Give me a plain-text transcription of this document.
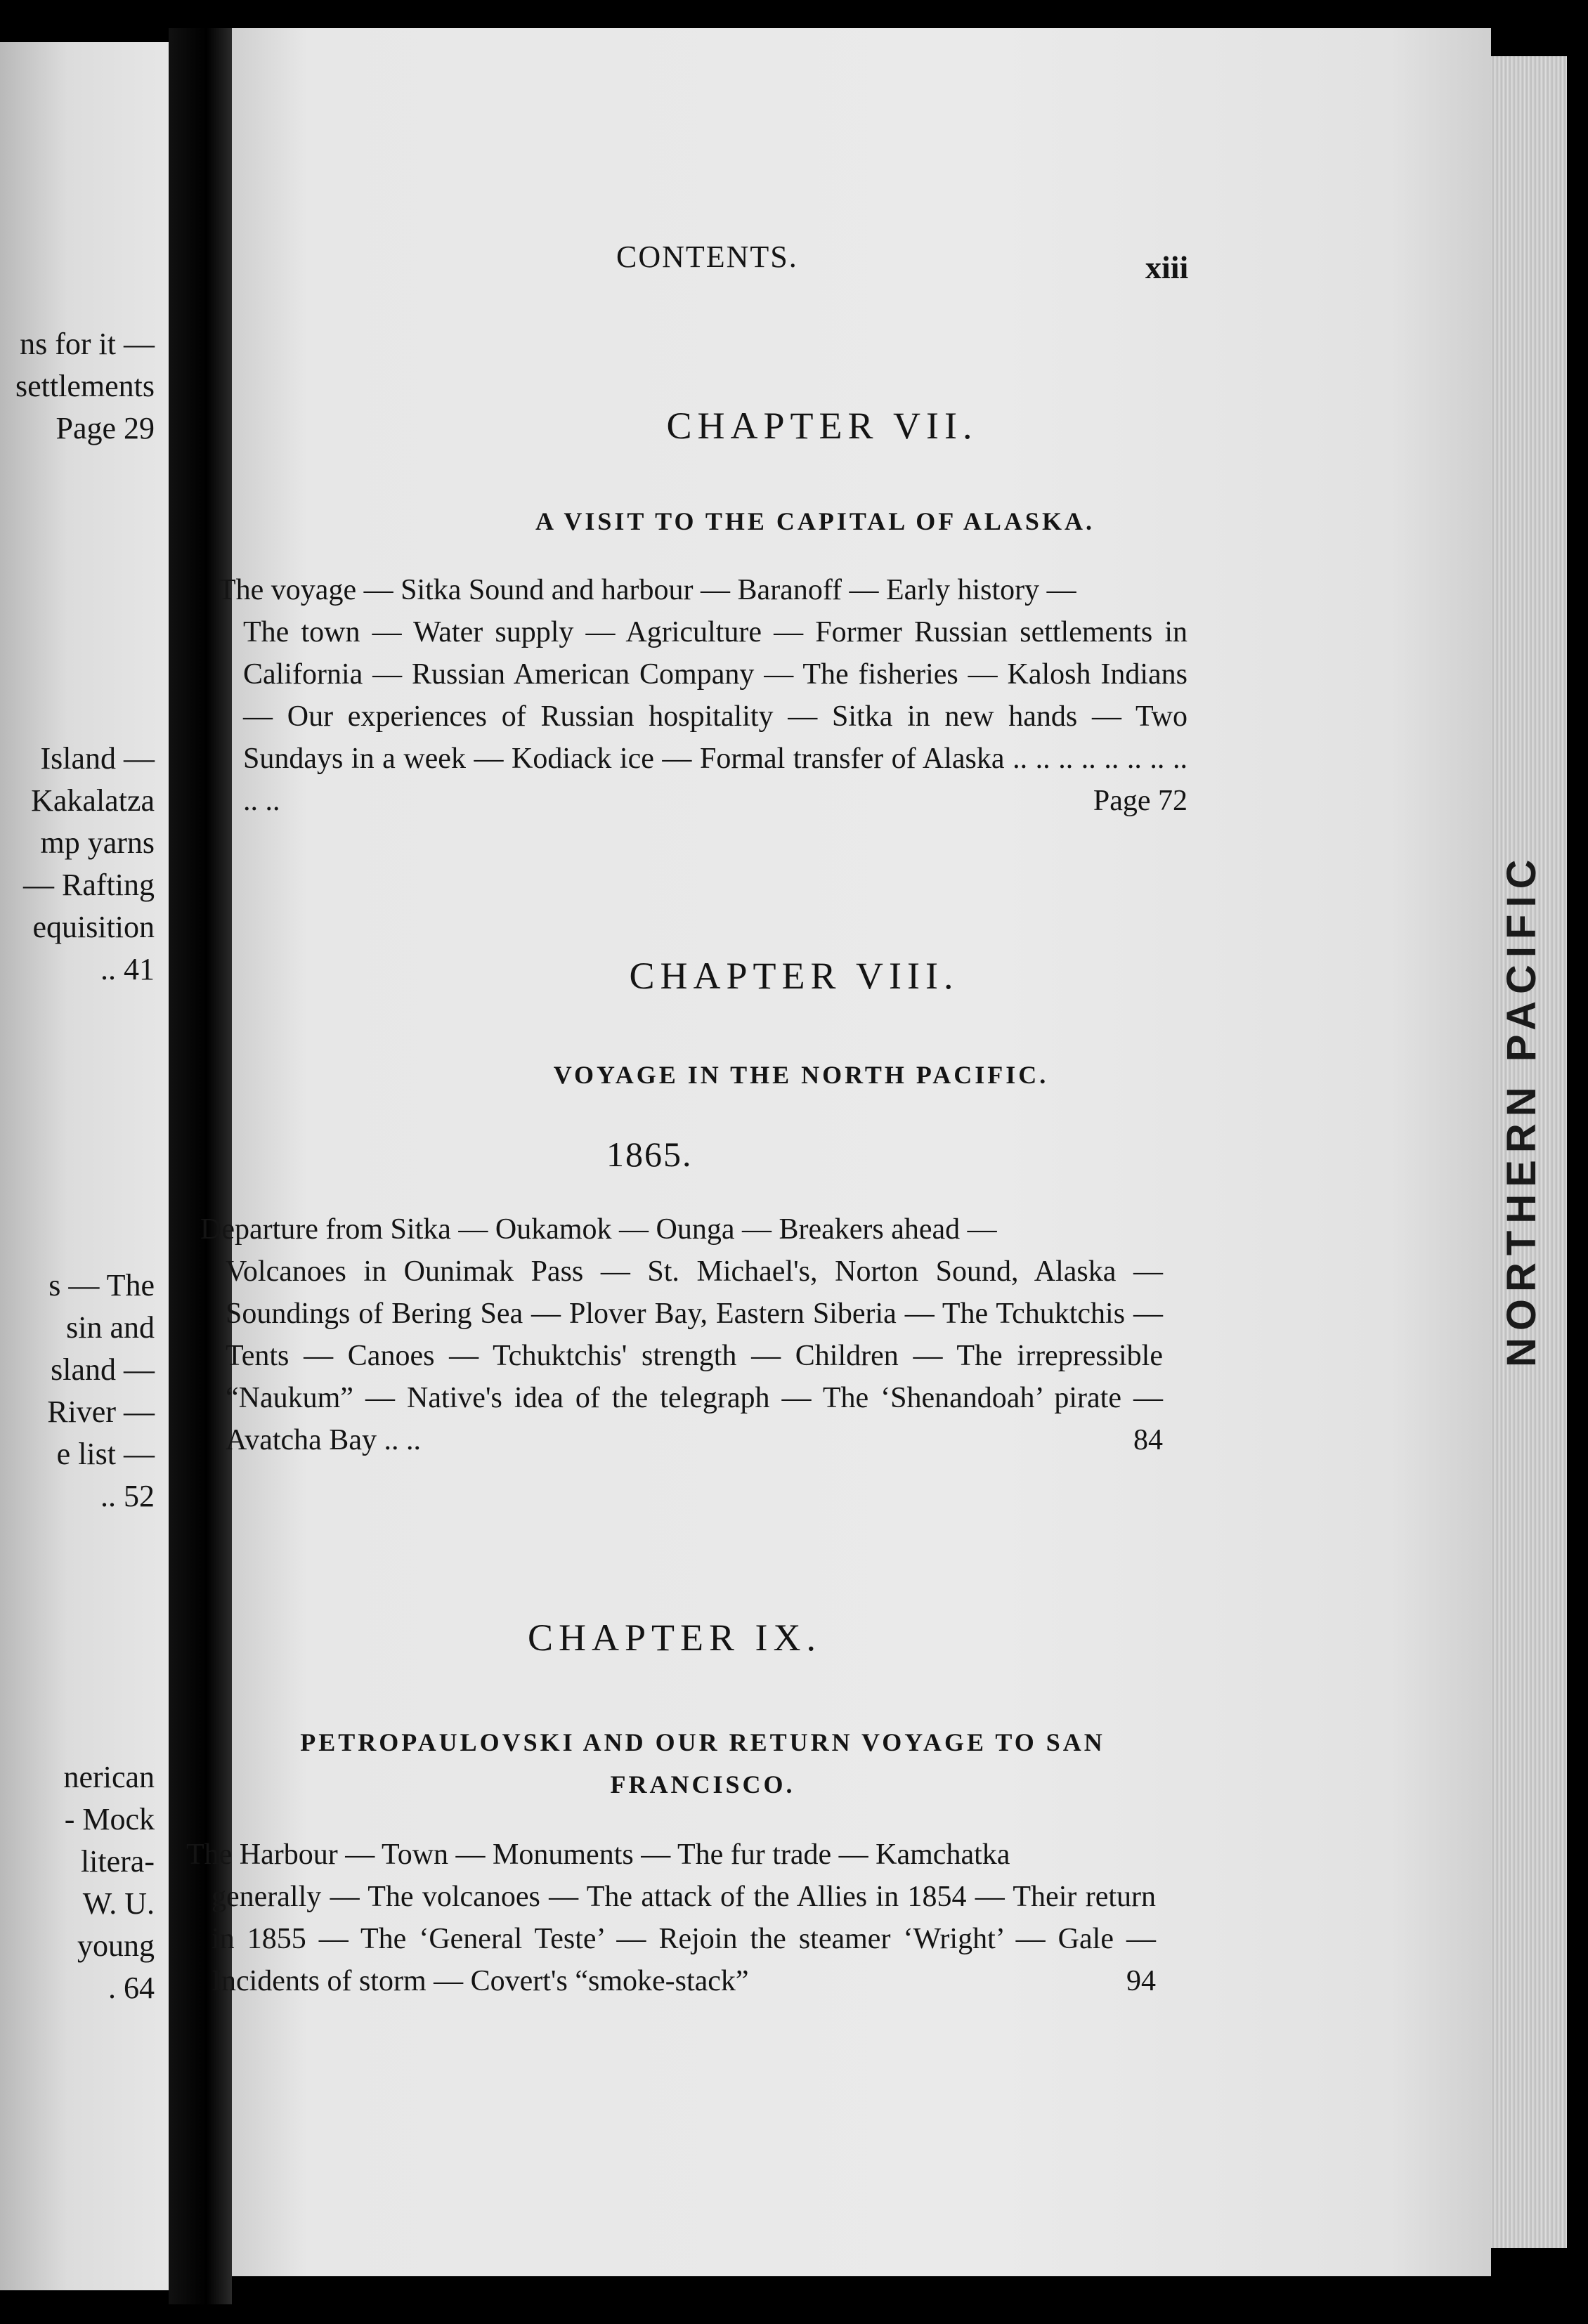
ns for it —
settlements
Page 29

Island —
Kakalatza
mp yarns
— Rafting
equisition
.. 41

s — The
sin and
sland —
River —
e list —
.. 52

nerican
- Mock
litera-
W. U.
young
. 64

NORTHERN PACIFIC
CONTENTS.	xiii
CHAPTER VII.
A VISIT TO THE CAPITAL OF ALASKA.

The voyage — Sitka Sound and harbour — Baranoff — Early history —
The town — Water supply — Agriculture — Former Russian settlements in California — Russian American Company — The fisheries — Kalosh Indians — Our experiences of Russian hospitality — Sitka in new hands — Two Sundays in a week — Kodiack ice — Formal transfer of Alaska .. .. .. .. .. .. .. .. .. ..	Page 72

CHAPTER VIII.
VOYAGE IN THE NORTH PACIFIC.
1865.

Departure from Sitka — Oukamok — Ounga — Breakers ahead —
Volcanoes in Ounimak Pass — St. Michael's, Norton Sound, Alaska — Soundings of Bering Sea — Plover Bay, Eastern Siberia — The Tchuktchis — Tents — Canoes — Tchuktchis' strength — Children — The irrepressible “Naukum” — Native's idea of the telegraph — The ‘Shenandoah’ pirate — Avatcha Bay .. ..	84

CHAPTER IX.
PETROPAULOVSKI AND OUR RETURN VOYAGE TO SAN FRANCISCO.

The Harbour — Town — Monuments — The fur trade — Kamchatka
generally — The volcanoes — The attack of the Allies in 1854 — Their return in 1855 — The ‘General Teste’ — Rejoin the steamer ‘Wright’ — Gale — Incidents of storm — Covert's “smoke-stack”	94
